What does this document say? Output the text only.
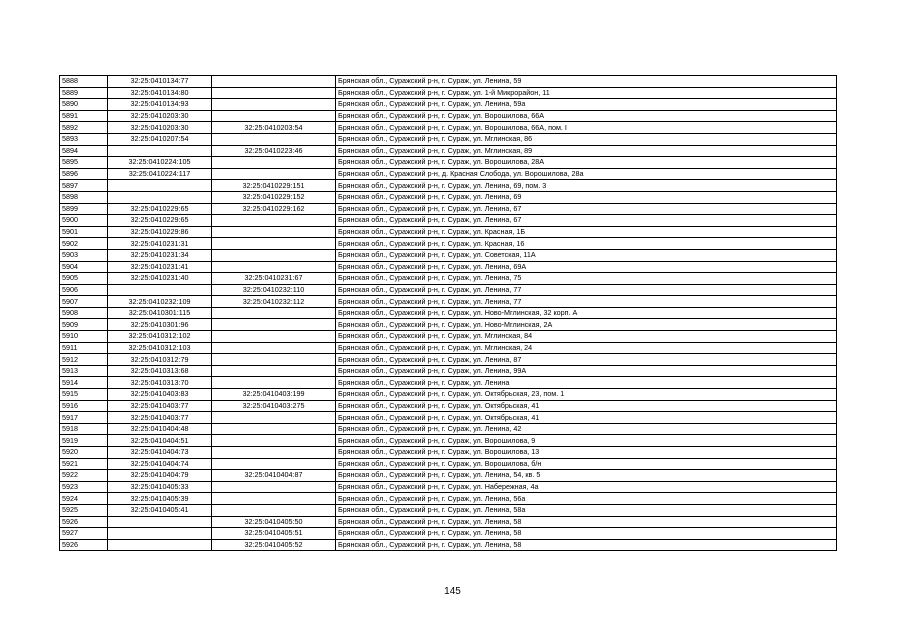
5888	32:25:0410134:77		Брянская обл., Суражский р-н, г. Сураж, ул. Ленина, 59
5889	32:25:0410134:80		Брянская обл., Суражский р-н, г. Сураж, ул. 1-й Микрорайон, 11
5890	32:25:0410134:93		Брянская обл., Суражский р-н, г. Сураж, ул. Ленина, 59а
5891	32:25:0410203:30		Брянская обл., Суражский р-н, г. Сураж, ул. Ворошилова, 66А
5892	32:25:0410203:30	32:25:0410203:54	Брянская обл., Суражский р-н, г. Сураж, ул. Ворошилова, 66А, пом. I
5893	32:25:0410207:54		Брянская обл., Суражский р-н, г. Сураж, ул. Мглинская, 86
5894		32:25:0410223:46	Брянская обл., Суражский р-н, г. Сураж, ул. Мглинская, 89
5895	32:25:0410224:105		Брянская обл., Суражский р-н, г. Сураж, ул. Ворошилова, 28А
5896	32:25:0410224:117		Брянская обл., Суражский р-н, д. Красная Слобода, ул. Ворошилова, 28а
5897		32:25:0410229:151	Брянская обл., Суражский р-н, г. Сураж, ул. Ленина, 69, пом. 3
5898		32:25:0410229:152	Брянская обл., Суражский р-н, г. Сураж, ул. Ленина, 69
5899	32:25:0410229:65	32:25:0410229:162	Брянская обл., Суражский р-н, г. Сураж, ул. Ленина, 67
5900	32:25:0410229:65		Брянская обл., Суражский р-н, г. Сураж, ул. Ленина, 67
5901	32:25:0410229:86		Брянская обл., Суражский р-н, г. Сураж, ул. Красная, 1Б
5902	32:25:0410231:31		Брянская обл., Суражский р-н, г. Сураж, ул. Красная, 16
5903	32:25:0410231:34		Брянская обл., Суражский р-н, г. Сураж, ул. Советская, 11А
5904	32:25:0410231:41		Брянская обл., Суражский р-н, г. Сураж, ул. Ленина, 69А
5905	32:25:0410231:40	32:25:0410231:67	Брянская обл., Суражский р-н, г. Сураж, ул. Ленина, 75
5906		32:25:0410232:110	Брянская обл., Суражский р-н, г. Сураж, ул. Ленина, 77
5907	32:25:0410232:109	32:25:0410232:112	Брянская обл., Суражский р-н, г. Сураж, ул. Ленина, 77
5908	32:25:0410301:115		Брянская обл., Суражский р-н, г. Сураж, ул. Ново-Мглинская, 32 корп. А
5909	32:25:0410301:96		Брянская обл., Суражский р-н, г. Сураж, ул. Ново-Мглинская, 2А
5910	32:25:0410312:102		Брянская обл., Суражский р-н, г. Сураж, ул. Мглинская, 84
5911	32:25:0410312:103		Брянская обл., Суражский р-н, г. Сураж, ул. Мглинская, 24
5912	32:25:0410312:79		Брянская обл., Суражский р-н, г. Сураж, ул. Ленина, 87
5913	32:25:0410313:68		Брянская обл., Суражский р-н, г. Сураж, ул. Ленина, 99А
5914	32:25:0410313:70		Брянская обл., Суражский р-н, г. Сураж, ул. Ленина
5915	32:25:0410403:83	32:25:0410403:199	Брянская обл., Суражский р-н, г. Сураж, ул. Октябрьская, 23, пом. 1
5916	32:25:0410403:77	32:25:0410403:275	Брянская обл., Суражский р-н, г. Сураж, ул. Октябрьская, 41
5917	32:25:0410403:77		Брянская обл., Суражский р-н, г. Сураж, ул. Октябрьская, 41
5918	32:25:0410404:48		Брянская обл., Суражский р-н, г. Сураж, ул. Ленина, 42
5919	32:25:0410404:51		Брянская обл., Суражский р-н, г. Сураж, ул. Ворошилова, 9
5920	32:25:0410404:73		Брянская обл., Суражский р-н, г. Сураж, ул. Ворошилова, 13
5921	32:25:0410404:74		Брянская обл., Суражский р-н, г. Сураж, ул. Ворошилова, б/н
5922	32:25:0410404:79	32:25:0410404:87	Брянская обл., Суражский р-н, г. Сураж, ул. Ленина, 54, кв. 5
5923	32:25:0410405:33		Брянская обл., Суражский р-н, г. Сураж, ул. Набережная, 4а
5924	32:25:0410405:39		Брянская обл., Суражский р-н, г. Сураж, ул. Ленина, 56а
5925	32:25:0410405:41		Брянская обл., Суражский р-н, г. Сураж, ул. Ленина, 58а
5926		32:25:0410405:50	Брянская обл., Суражский р-н, г. Сураж, ул. Ленина, 58
5927		32:25:0410405:51	Брянская обл., Суражский р-н, г. Сураж, ул. Ленина, 58
5926		32:25:0410405:52	Брянская обл., Суражский р-н, г. Сураж, ул. Ленина, 58
145
